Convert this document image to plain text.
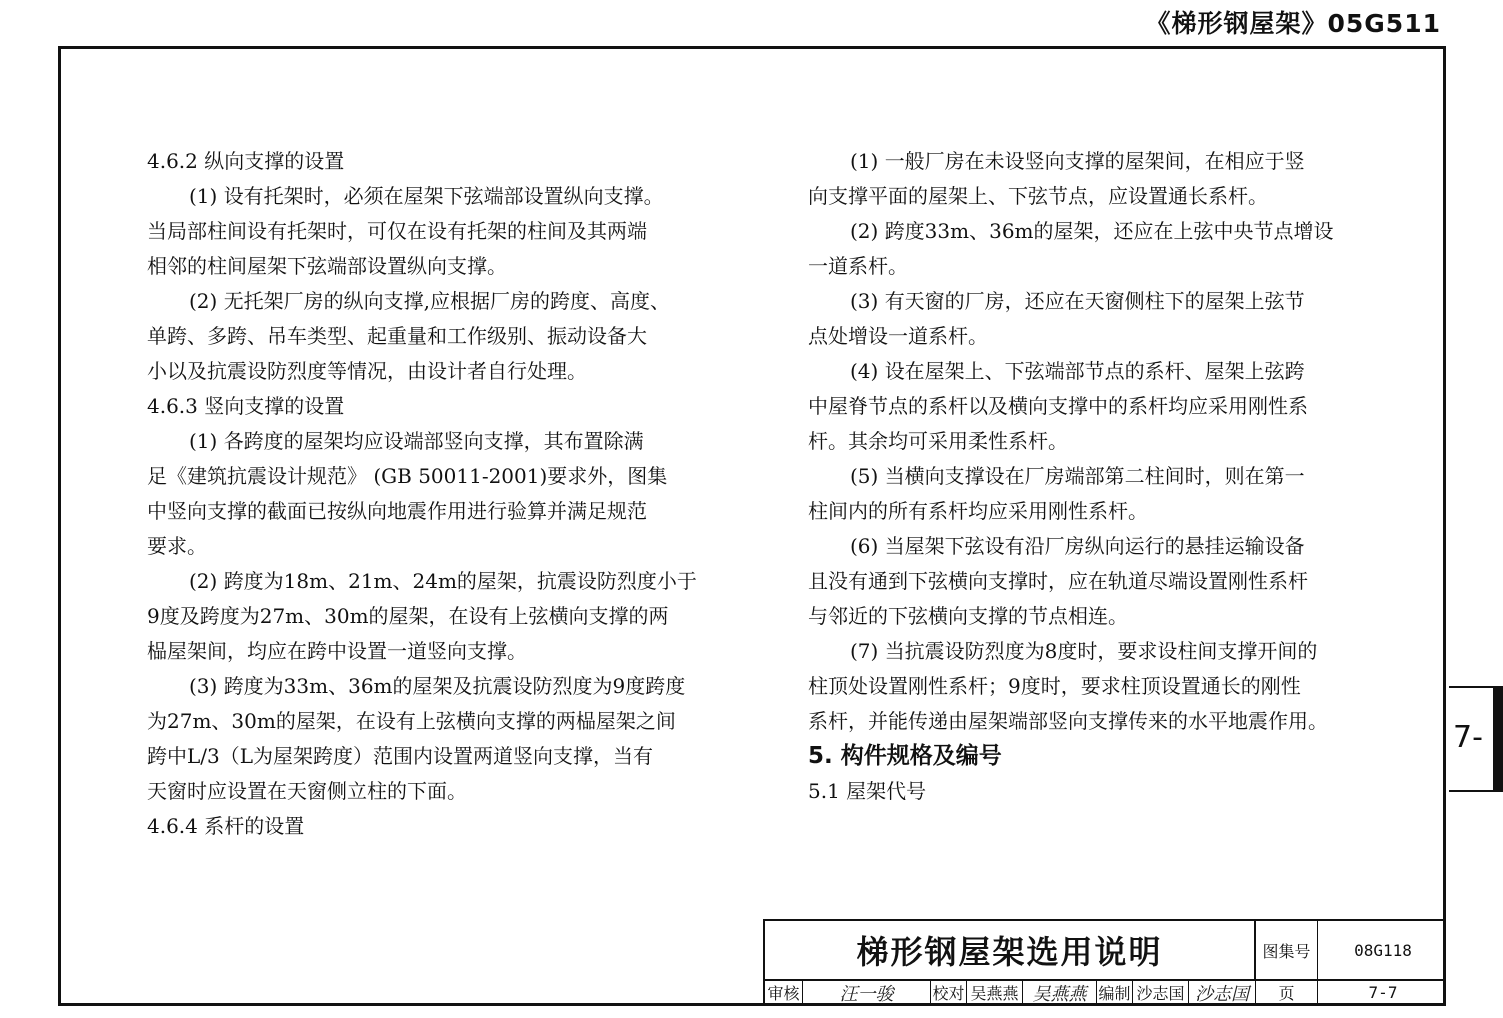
《梯形钢屋架》05G511
7-
4.6.2 纵向支撑的设置
(1) 设有托架时，必须在屋架下弦端部设置纵向支撑。
当局部柱间设有托架时，可仅在设有托架的柱间及其两端
相邻的柱间屋架下弦端部设置纵向支撑。
(2) 无托架厂房的纵向支撑,应根据厂房的跨度、高度、
单跨、多跨、吊车类型、起重量和工作级别、振动设备大
小以及抗震设防烈度等情况，由设计者自行处理。
4.6.3 竖向支撑的设置
(1) 各跨度的屋架均应设端部竖向支撑，其布置除满
足《建筑抗震设计规范》 (GB 50011-2001)要求外，图集
中竖向支撑的截面已按纵向地震作用进行验算并满足规范
要求。
(2) 跨度为18m、21m、24m的屋架，抗震设防烈度小于
9度及跨度为27m、30m的屋架，在设有上弦横向支撑的两
榀屋架间，均应在跨中设置一道竖向支撑。
(3) 跨度为33m、36m的屋架及抗震设防烈度为9度跨度
为27m、30m的屋架，在设有上弦横向支撑的两榀屋架之间
跨中L/3（L为屋架跨度）范围内设置两道竖向支撑，当有
天窗时应设置在天窗侧立柱的下面。
4.6.4 系杆的设置
(1) 一般厂房在未设竖向支撑的屋架间，在相应于竖
向支撑平面的屋架上、下弦节点，应设置通长系杆。
(2) 跨度33m、36m的屋架，还应在上弦中央节点增设
一道系杆。
(3) 有天窗的厂房，还应在天窗侧柱下的屋架上弦节
点处增设一道系杆。
(4) 设在屋架上、下弦端部节点的系杆、屋架上弦跨
中屋脊节点的系杆以及横向支撑中的系杆均应采用刚性系
杆。其余均可采用柔性系杆。
(5) 当横向支撑设在厂房端部第二柱间时，则在第一
柱间内的所有系杆均应采用刚性系杆。
(6) 当屋架下弦设有沿厂房纵向运行的悬挂运输设备
且没有通到下弦横向支撑时，应在轨道尽端设置刚性系杆
与邻近的下弦横向支撑的节点相连。
(7) 当抗震设防烈度为8度时，要求设柱间支撑开间的
柱顶处设置刚性系杆；9度时，要求柱顶设置通长的刚性
系杆，并能传递由屋架端部竖向支撑传来的水平地震作用。
5. 构件规格及编号
5.1 屋架代号
梯形钢屋架选用说明	图集号	08G118
审核	汪一骏	校对 吴燕燕 吴燕燕 编制 沙志国 沙志国	页	7-7
